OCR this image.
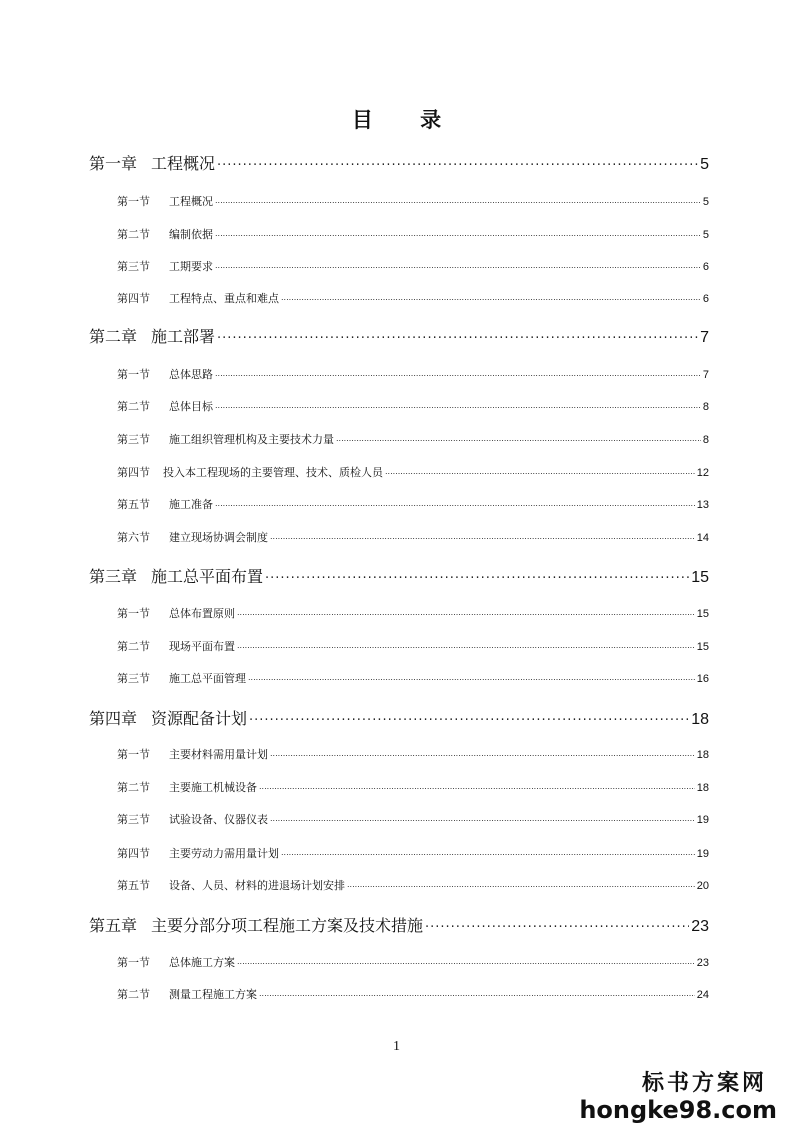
目 录
第一章 工程概况 .....	5
第一节	工程概况 .....	5
第二节	编制依据 .....	5
第三节	工期要求 .....	6
第四节	工程特点、重点和难点 .....	6
第二章 施工部署 .....	7
第一节	总体思路 .....	7
第二节	总体目标 .....	8
第三节	施工组织管理机构及主要技术力量 .....	8
第四节	投入本工程现场的主要管理、技术、质检人员 .....	12
第五节	施工准备 .....	13
第六节	建立现场协调会制度 .....	14
第三章 施工总平面布置 .....	15
第一节	总体布置原则 .....	15
第二节	现场平面布置 .....	15
第三节	施工总平面管理 .....	16
第四章 资源配备计划 .....	18
第一节	主要材料需用量计划 .....	18
第二节	主要施工机械设备 .....	18
第三节	试验设备、仪器仪表 .....	19
第四节	主要劳动力需用量计划 .....	19
第五节	设备、人员、材料的进退场计划安排 .....	20
第五章 主要分部分项工程施工方案及技术措施 .....	23
第一节	总体施工方案 .....	23
第二节	测量工程施工方案 .....	24
1
标书方案网
hongke98.com
